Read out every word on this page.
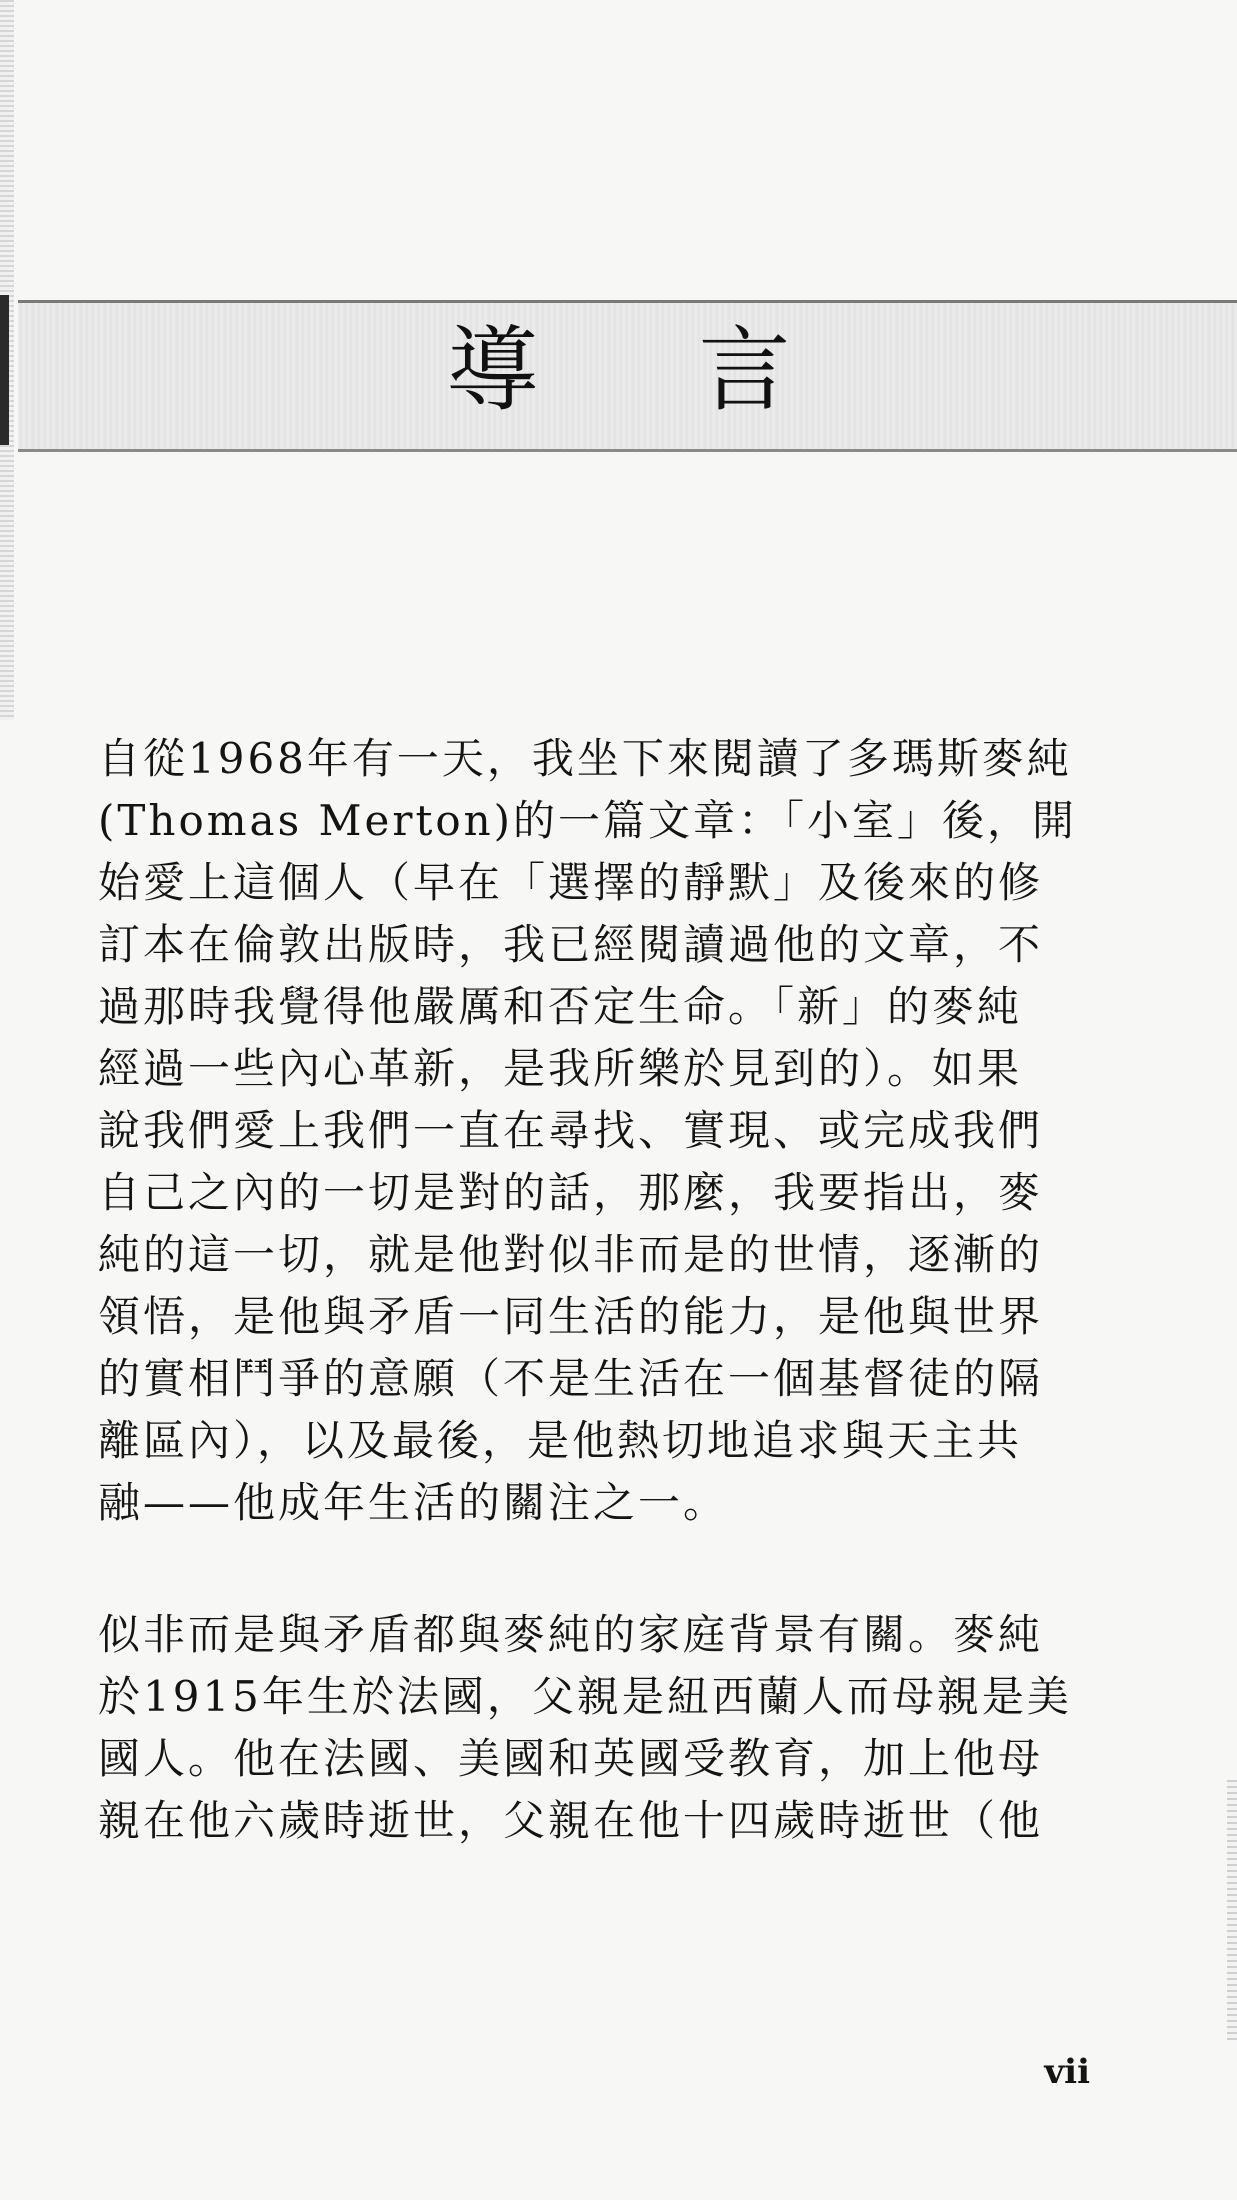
導言
自從1968年有一天，我坐下來閱讀了多瑪斯麥純
(Thomas Merton)的一篇文章：「小室」後，開
始愛上這個人（早在「選擇的靜默」及後來的修
訂本在倫敦出版時，我已經閱讀過他的文章，不
過那時我覺得他嚴厲和否定生命。「新」的麥純
經過一些內心革新，是我所樂於見到的）。如果
說我們愛上我們一直在尋找、實現、或完成我們
自己之內的一切是對的話，那麼，我要指出，麥
純的這一切，就是他對似非而是的世情，逐漸的
領悟，是他與矛盾一同生活的能力，是他與世界
的實相鬥爭的意願（不是生活在一個基督徒的隔
離區內），以及最後，是他熱切地追求與天主共
融——他成年生活的關注之一。
似非而是與矛盾都與麥純的家庭背景有關。麥純
於1915年生於法國，父親是紐西蘭人而母親是美
國人。他在法國、美國和英國受教育，加上他母
親在他六歲時逝世，父親在他十四歲時逝世（他
vii
